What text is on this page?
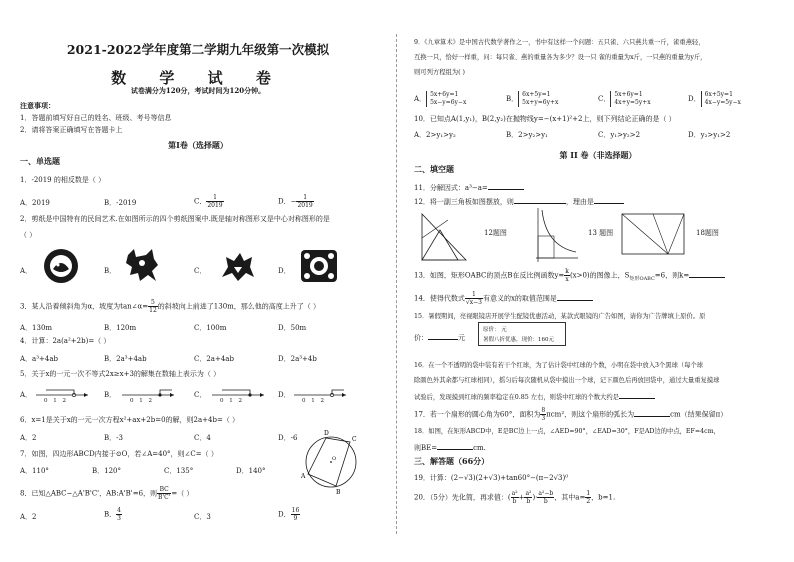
2021-2022学年度第二学期九年级第一次模拟
数 学 试 卷
试卷满分为120分，考试时间为120分钟。
注意事项：
1．答题前填写好自己的姓名、班级、考号等信息
2．请将答案正确填写在答题卡上
第Ⅰ卷（选择题）
一、单选题
1．-2019 的相反数是（ ）
A．2019	B．-2019	C． $\frac{1}{2019}$	D．− $\frac{1}{2019}$
2．剪纸是中国特有的民间艺术.在如图所示的四个剪纸图案中.既是轴对称图形又是中心对称图形的是
（ ）
A．	B．	C．	D．
3．某人沿着倾斜角为α，坡度为tan∠α= $\frac{5}{12}$ 的斜坡向上前进了130m，那么他的高度上升了（ ）
A．130m	B．120m	C．100m	D．50m
4．计算：2a(a²+2b)=（ ）
A．a³+4ab	B．2a³+4ab	C．2a+4ab	D．2a³+4b
5．关于x的一元一次不等式2x≥x+3的解集在数轴上表示为（ ）
A．	B．	C．	D．
0 1 2	0 1 2	0 1 2	0 1 2
6．x=1是关于x的一元一次方程x²+ax+2b=0的解，则2a+4b=（ ）
A．2	B．-3	C．4	D．-6
7．如图，四边形ABCD内接于⊙O，若∠A=40°，则∠C=（ ）
A．110°	B．120°	C．135°	D．140°
A
D
C
B
O
8．已知△ABC∽△A'B'C'，AB:A'B'=6，则 $\frac{BC}{B'C'}$ =（ ）
A．2	B． $\frac{4}{3}$	C．3	D． $\frac{16}{9}$
9．《九章算术》是中国古代数学著作之一，书中有这样一个问题：五只雀、六只燕共重一斤，雀重燕轻，
互换一只，恰好一样重，问：每只雀、燕的重量各为多少？设一只 雀的重量为x斤，一只燕的重量为y斤，
则可列方程组为( )
A．5x+6y=1
5x−y=6y−x	B．6x+5y=1
5x+y=6y+x	C．5x+6y=1
4x+y=5y+x	D．6x+5y=1
4x−y=5y−x
10．已知点A(1,y₁)，B(2,y₂)在抛物线y=−(x+1)²+2上，则下列结论正确的是（ ）
A．2>y₁>y₂	B．2>y₂>y₁	C．y₁>y₂>2	D．y₂>y₁>2
第 II 卷（非选择题）
二、填空题
11．分解因式：a³−a=
12．将一副三角板如图摆放，则	，理由是
12题图	13 题图	18题图
13．如图，矩形OABC的顶点B在反比例函数$y= \frac{k}{x} (x>0)$的图像上，$S_{矩形OABC}=6$，则k=
14．使得代数式 $\frac{1}{√x-3}$ 有意义的x的取值范围是
15．暑假期间，亮视眼镜店开展学生配镜优惠活动，某款式眼镜的广告如图，请你为广告牌填上原价。原
价：	元
原价： 元
暑假八折优惠，现价：160元
16．在一个不透明的袋中装有若干个红球，为了估计袋中红球的个数，小明在袋中放入3个黑球（每个球
除颜色外其余都与红球相同），摇匀后每次随机从袋中摸出一个球，记下颜色后再放回袋中，通过大量重复摸球
试验后，发现摸到红球的频率稳定在0.85 左右，则袋中红球的个数大约是
17．若一个扇形的圆心角为60°，面积为 $\frac{8}{3} \pi cm^2$，则这个扇形的弧长为	cm（结果保留π）
18．如图，在矩形ABCD中，E是BC边上一点，∠AED=90°，∠EAD=30°，F是AD边的中点，EF=4cm，
则BE=	cm.
三、解答题（66分）
19．计算：(2−√3)(2+√3)+tan60°−(π−2√3)⁰
20．（5分）先化简，再求值：( $\frac{\text{a²}}{b} + \frac{\text{a²}}{b}$ )· $\frac{\text{a²−b}}{b}$ ，其中$a= \frac{1}{2}$ ，b=1.
